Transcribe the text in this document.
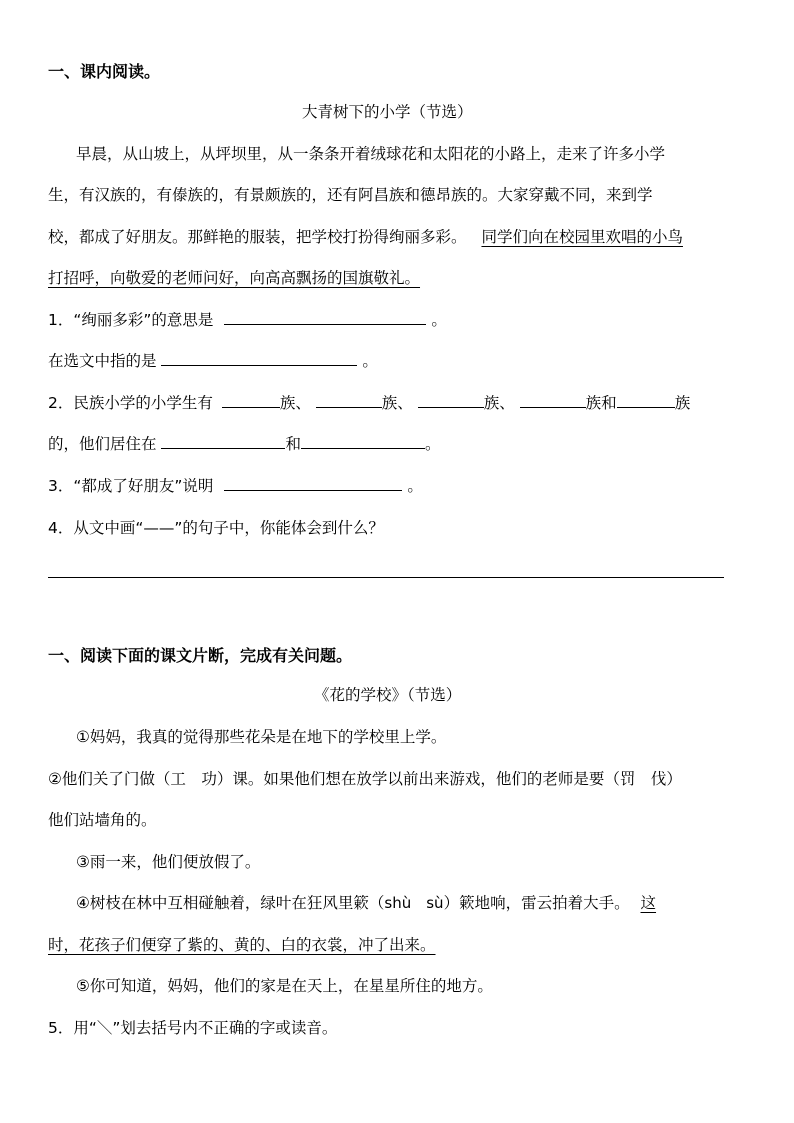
一、课内阅读。
大青树下的小学（节选）
早晨，从山坡上，从坪坝里，从一条条开着绒球花和太阳花的小路上，走来了许多小学
生，有汉族的，有傣族的，有景颇族的，还有阿昌族和德昂族的。大家穿戴不同，来到学
校，都成了好朋友。那鲜艳的服装，把学校打扮得绚丽多彩。 同学们向在校园里欢唱的小鸟
打招呼，向敬爱的老师问好，向高高飘扬的国旗敬礼。
1．“绚丽多彩”的意思是	。
在选文中指的是	。
2．民族小学的小学生有	族、	族、	族、	族和	族
的，他们居住在	和	。
3．“都成了好朋友”说明	。
4．从文中画“——”的句子中，你能体会到什么？
一、阅读下面的课文片断，完成有关问题。
《花的学校》（节选）
①妈妈，我真的觉得那些花朵是在地下的学校里上学。
②他们关了门做（工　功）课。如果他们想在放学以前出来游戏，他们的老师是要（罚　伐）
他们站墙角的。
③雨一来，他们便放假了。
④树枝在林中互相碰触着，绿叶在狂风里簌（shù　sù）簌地响，雷云拍着大手。 这
时，花孩子们便穿了紫的、黄的、白的衣裳，冲了出来。
⑤你可知道，妈妈，他们的家是在天上，在星星所住的地方。
5．用“＼”划去括号内不正确的字或读音。
